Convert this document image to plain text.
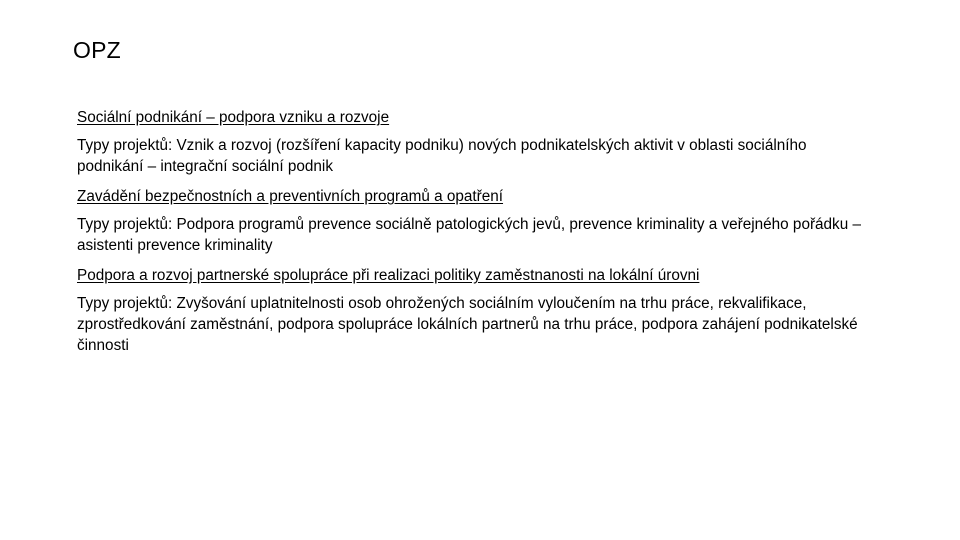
OPZ
Sociální podnikání – podpora vzniku a rozvoje
Typy projektů: Vznik a rozvoj (rozšíření kapacity podniku) nových podnikatelských aktivit v oblasti sociálního podnikání – integrační sociální podnik
Zavádění bezpečnostních a preventivních programů a opatření
Typy projektů: Podpora programů prevence sociálně patologických jevů, prevence kriminality a veřejného pořádku – asistenti prevence kriminality
Podpora a rozvoj partnerské spolupráce při realizaci politiky zaměstnanosti na lokální úrovni
Typy projektů: Zvyšování uplatnitelnosti osob ohrožených sociálním vyloučením na trhu práce, rekvalifikace, zprostředkování zaměstnání, podpora spolupráce lokálních partnerů na trhu práce, podpora zahájení podnikatelské činnosti
